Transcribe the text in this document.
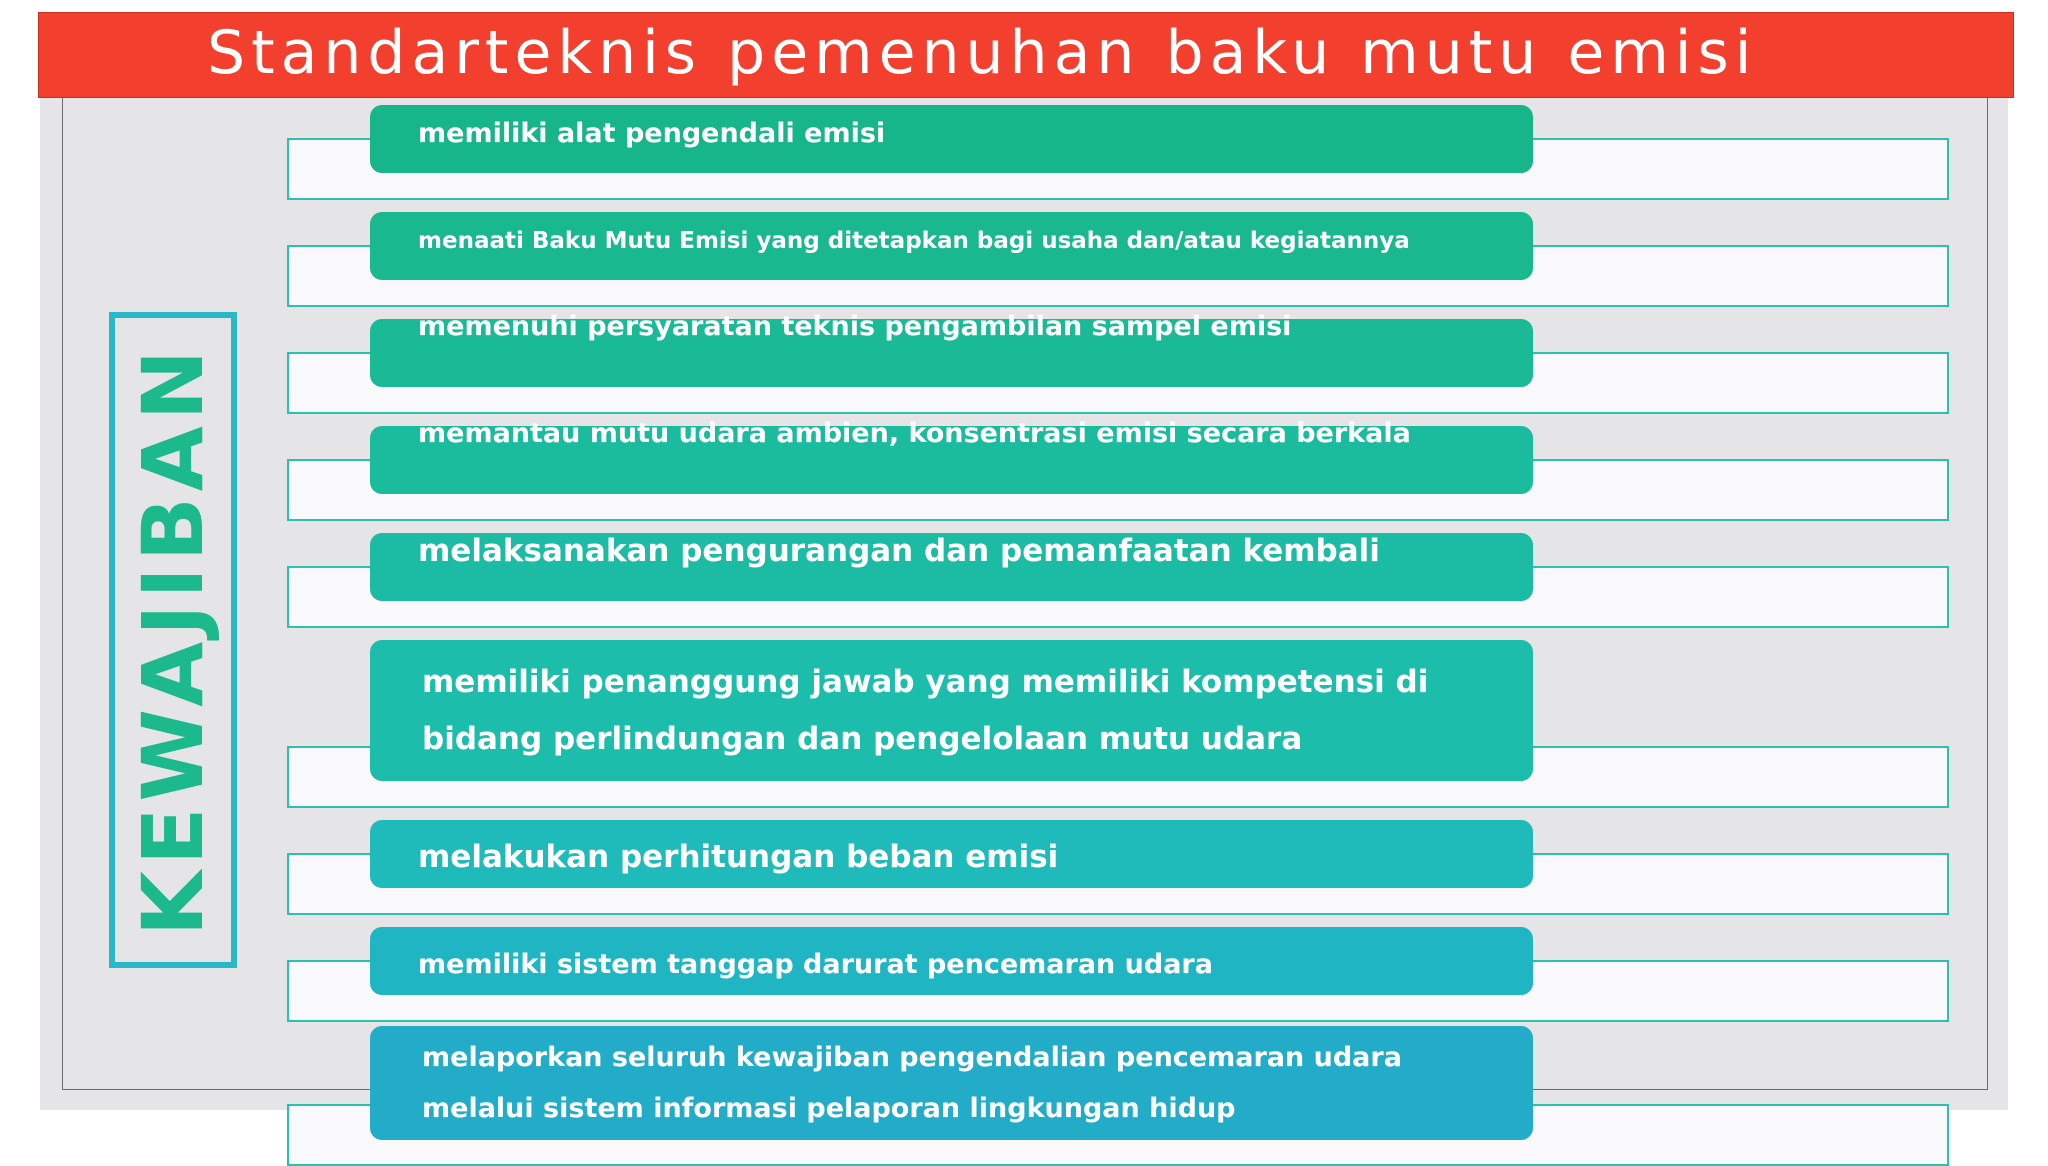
Standarteknis pemenuhan baku mutu emisi
KEWAJIBAN
memiliki alat pengendali emisi
menaati Baku Mutu Emisi yang ditetapkan bagi usaha dan/atau kegiatannya
memenuhi persyaratan teknis pengambilan sampel emisi
memantau mutu udara ambien, konsentrasi emisi secara berkala
melaksanakan pengurangan dan pemanfaatan kembali
memiliki penanggung jawab yang memiliki kompetensi di
bidang perlindungan dan pengelolaan mutu udara
melakukan perhitungan beban emisi
memiliki sistem tanggap darurat pencemaran udara
melaporkan seluruh kewajiban pengendalian pencemaran udara
melalui sistem informasi pelaporan lingkungan hidup
